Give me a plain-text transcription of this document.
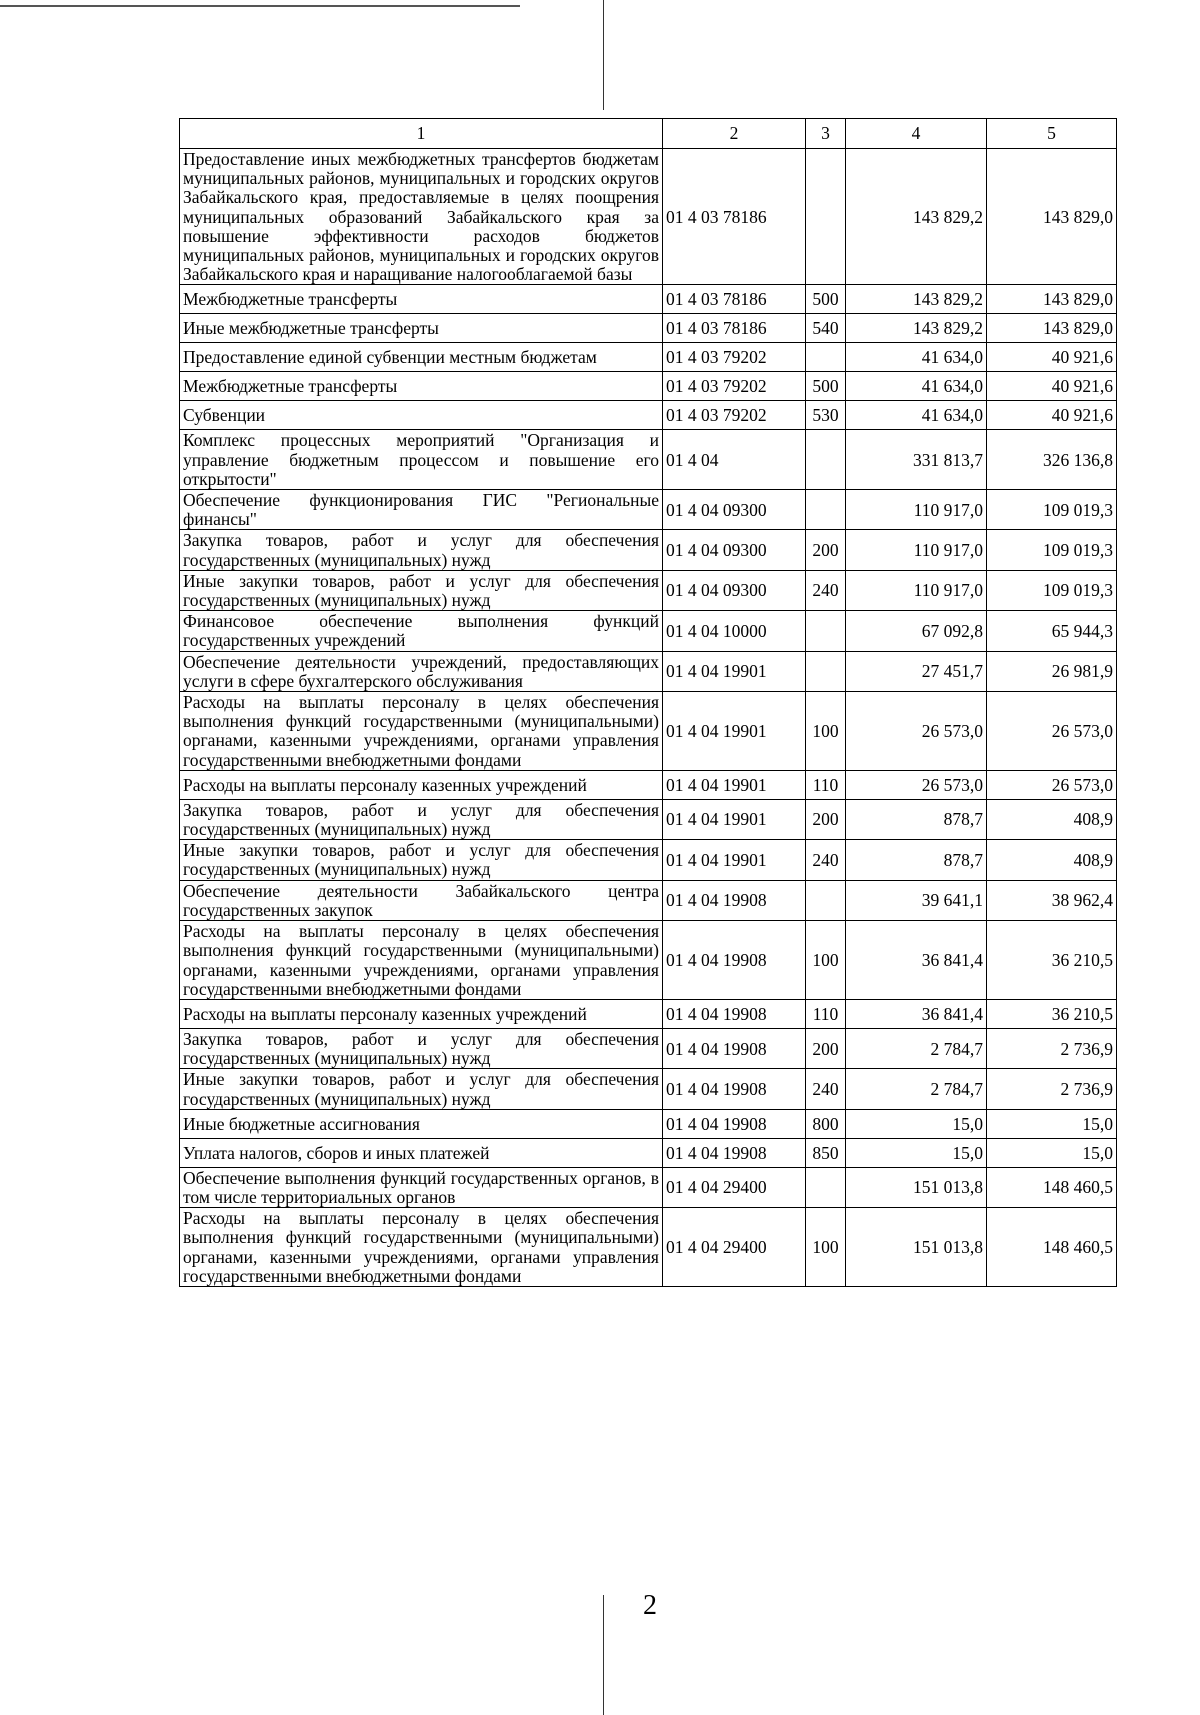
1	2	3	4	5
Предоставление иных межбюджетных трансфертов бюджетам муниципальных районов, муниципальных и городских округов Забайкальского края, предоставляемые в целях поощрения муниципальных образований Забайкальского края за повышение эффективности расходов бюджетов муниципальных районов, муниципальных и городских округов Забайкальского края и наращивание налогооблагаемой базы	01 4 03 78186		143 829,2	143 829,0
Межбюджетные трансферты	01 4 03 78186	500	143 829,2	143 829,0
Иные межбюджетные трансферты	01 4 03 78186	540	143 829,2	143 829,0
Предоставление единой субвенции местным бюджетам	01 4 03 79202		41 634,0	40 921,6
Межбюджетные трансферты	01 4 03 79202	500	41 634,0	40 921,6
Субвенции	01 4 03 79202	530	41 634,0	40 921,6
Комплекс процессных мероприятий "Организация и управление бюджетным процессом и повышение его открытости"	01 4 04		331 813,7	326 136,8
Обеспечение функционирования ГИС "Региональные финансы"	01 4 04 09300		110 917,0	109 019,3
Закупка товаров, работ и услуг для обеспечения государственных (муниципальных) нужд	01 4 04 09300	200	110 917,0	109 019,3
Иные закупки товаров, работ и услуг для обеспечения государственных (муниципальных) нужд	01 4 04 09300	240	110 917,0	109 019,3
Финансовое обеспечение выполнения функций государственных учреждений	01 4 04 10000		67 092,8	65 944,3
Обеспечение деятельности учреждений, предоставляющих услуги в сфере бухгалтерского обслуживания	01 4 04 19901		27 451,7	26 981,9
Расходы на выплаты персоналу в целях обеспечения выполнения функций государственными (муниципальными) органами, казенными учреждениями, органами управления государственными внебюджетными фондами	01 4 04 19901	100	26 573,0	26 573,0
Расходы на выплаты персоналу казенных учреждений	01 4 04 19901	110	26 573,0	26 573,0
Закупка товаров, работ и услуг для обеспечения государственных (муниципальных) нужд	01 4 04 19901	200	878,7	408,9
Иные закупки товаров, работ и услуг для обеспечения государственных (муниципальных) нужд	01 4 04 19901	240	878,7	408,9
Обеспечение деятельности Забайкальского центра государственных закупок	01 4 04 19908		39 641,1	38 962,4
Расходы на выплаты персоналу в целях обеспечения выполнения функций государственными (муниципальными) органами, казенными учреждениями, органами управления государственными внебюджетными фондами	01 4 04 19908	100	36 841,4	36 210,5
Расходы на выплаты персоналу казенных учреждений	01 4 04 19908	110	36 841,4	36 210,5
Закупка товаров, работ и услуг для обеспечения государственных (муниципальных) нужд	01 4 04 19908	200	2 784,7	2 736,9
Иные закупки товаров, работ и услуг для обеспечения государственных (муниципальных) нужд	01 4 04 19908	240	2 784,7	2 736,9
Иные бюджетные ассигнования	01 4 04 19908	800	15,0	15,0
Уплата налогов, сборов и иных платежей	01 4 04 19908	850	15,0	15,0
Обеспечение выполнения функций государственных органов, в том числе территориальных органов	01 4 04 29400		151 013,8	148 460,5
Расходы на выплаты персоналу в целях обеспечения выполнения функций государственными (муниципальными) органами, казенными учреждениями, органами управления государственными внебюджетными фондами	01 4 04 29400	100	151 013,8	148 460,5
2
